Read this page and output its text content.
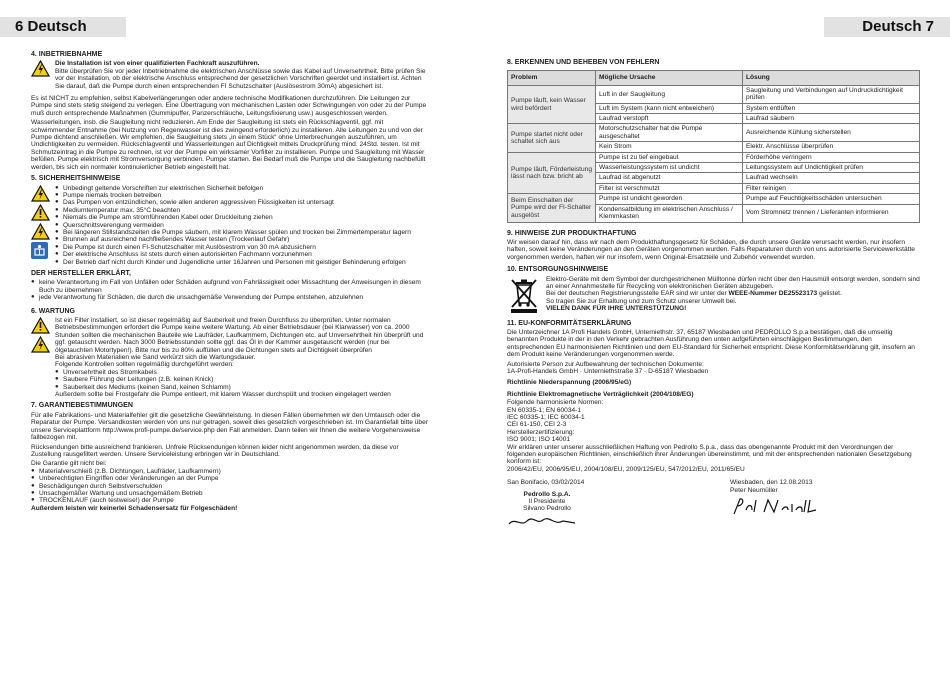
6 Deutsch	Deutsch 7
4. INBETRIEBNAHME
Die Installation ist von einer qualifizierten Fachkraft auszuführen.
Bitte überprüfen Sie vor jeder Inbetriebnahme die elektrischen Anschlüsse sowie das Kabel auf Unversehrtheit. Bitte prüfen Sie vor der Installation, ob der elektrische Anschluss entsprechend der gesetzlichen Vorschriften geerdet und installiert ist. Achten Sie darauf, daß die Pumpe durch einen entsprechenden FI Schutzschalter (Auslösestrom 30mA) abgesichert ist.
Es ist NICHT zu empfehlen, selbst Kabelverlängerungen oder andere technische Modifikationen durchzuführen. Die Leitungen zur Pumpe sind stets stetig steigend zu verlegen. Eine Übertragung von mechanischen Lasten oder Schwingungen von oder zu der Pumpe muß durch entsprechende Maßnahmen (Gummipuffer, Panzerschläuche, Leitungsfixierung usw.) ausgeschlossen werden.
Wasserleitungen, insb. die Saugleitung nicht reduzieren. Am Ende der Saugleitung ist stets ein Rückschlagventil, ggf. mit schwimmender Entnahme (bei Nutzung von Regenwasser ist dies zwingend erforderlich) zu installieren. Alle Leitungen zu und von der Pumpe dichtend anschließen. Wir empfehlen, die Saugleitung stets „in einem Stück“ ohne Unterbrechungen auszuführen, um Undichtigkeiten zu vermeiden. Rückschlagventil und Wasserleitungen auf Dichtigkeit mittels Druckprüfung mind. 24Std. testen. Ist mit Schmutzeintrag in die Pumpe zu rechnen, ist vor der Pumpe ein wirksamer Vorfilter zu installieren. Pumpe und Saugleitung mit Wasser befüllen. Pumpe elektrisch mit Stromversorgung verbinden. Pumpe starten. Bei Bedarf muß die Pumpe und die Saugleitung nachbefüllt werden, bis sich ein normaler kontinuierlicher Betrieb eingestellt hat.
5. SICHERHEITSHINWEISE
● Unbedingt geltende Vorschriften zur elektrischen Sicherheit befolgen
● Pumpe niemals trocken betreiben
● Das Pumpen von entzündlichen, sowie allen anderen aggressiven Flüssigkeiten ist untersagt
● Mediumtemperatur max. 35°C beachten
● Niemals die Pumpe am stromführenden Kabel oder Druckleitung ziehen
● Querschnittsverengung vermeiden
● Bei längeren Stillstandszeiten die Pumpe säubern, mit klarem Wasser spülen und trocken bei Zimmertemperatur lagern
● Brunnen auf ausreichend nachfließendes Wasser testen (Trockenlauf Gefahr)
● Die Pumpe ist durch einen FI-Schutzschalter mit Auslösestrom von 30 mA abzusichern
● Der elektrische Anschluss ist stets durch einen autorisierten Fachmann vorzunehmen
● Der Betrieb darf nicht durch Kinder und Jugendliche unter 16Jahren und Personen mit geistiger Behinderung erfolgen
DER HERSTELLER ERKLÄRT,
● keine Verantwortung im Fall von Unfällen oder Schäden aufgrund von Fahrlässigkeit oder Missachtung der Anweisungen in diesem Buch zu übernehmen
● jede Verantwortung für Schäden, die durch die unsachgemäße Verwendung der Pumpe entstehen, abzulehnen
6. WARTUNG
Ist ein Filter installiert, so ist dieser regelmäßig auf Sauberkeit und freien Durchfluss zu überprüfen. Unter normalen Betriebsbestimmungen erfordert die Pumpe keine weitere Wartung. Ab einer Betriebsdauer (bei Klarwasser) von ca. 2000 Stunden sollten die mechanischen Bauteile wie Laufräder, Laufkammern, Dichtungen etc. auf Unversehrtheit hin überprüft und ggf. getauscht werden. Nach 3000 Betriebsstunden sollte ggf. das Öl in der Kammer ausgetauscht werden (nur bei ölgetauchten Motortypen!). Bitte nur bis zu 80% auffüllen und die Dichtungen stets auf Dichtigkeit überprüfen
Bei abrasiven Materialien wie Sand verkürzt sich die Wartungsdauer.
Folgende Kontrollen sollten regelmäßig durchgeführt werden:
● Unversehrtheit des Stromkabels
● Saubere Führung der Leitungen (z.B. keinen Knick)
● Sauberkeit des Mediums (keinen Sand, keinen Schlamm)
Außerdem sollte bei Frostgefahr die Pumpe entleert, mit klarem Wasser durchspült und trocken eingelagert werden
7. GARANTIEBESTIMMUNGEN
Für alle Fabrikations- und Materialfehler gilt die gesetzliche Gewährleistung. In diesen Fällen übernehmen wir den Umtausch oder die Reparatur der Pumpe. Versandkosten werden von uns nur getragen, soweit dies gesetzlich vorgeschrieben ist. Im Garantiefall bitte über unsere Serviceplattform http://www.profi-pumpe.de/service.php den Fall anmelden. Dann teilen wir Ihnen die weitere Vorgehensweise fallbezogen mit.
Rücksendungen bitte ausreichend frankieren. Unfreie Rücksendungen können leider nicht angenommen werden, da diese vor Zustellung rausgefiltert werden. Unsere Serviceleistung erbringen wir in Deutschland.
Die Garantie gilt nicht bei:
● Materialverschleiß (z.B. Dichtungen, Laufräder, Laufkammern)
● Unberechtigten Eingriffen oder Veränderungen an der Pumpe
● Beschädigungen durch Selbstverschulden
● Unsachgemäßer Wartung und unsachgemäßem Betrieb
● TROCKENLAUF (auch testweise!) der Pumpe
Außerdem leisten wir keinerlei Schadensersatz für Folgeschäden!
8. ERKENNEN UND BEHEBEN VON FEHLERN
Problem	Mögliche Ursache	Lösung
Pumpe läuft, kein Wasser wird befördert	Luft in der Saugleitung	Saugleitung und Verbindungen auf Undruckdichtigkeit prüfen
	Luft im System (kann nicht entweichen)	System entlüften
	Laufrad verstopft	Laufrad säubern
Pumpe startet nicht oder schaltet sich aus	Motorschutzschalter hat die Pumpe ausgeschaltet	Ausreichende Kühlung sicherstellen
	Kein Strom	Elektr. Anschlüsse überprüfen
Pumpe läuft, Förderleistung lässt nach bzw. bricht ab	Pumpe ist zu tief eingebaut	Förderhöhe verringern
	Wasserleistungssystem ist undicht	Leitungssystem auf Undichtigkeit prüfen
	Laufrad ist abgenutzt	Laufrad wechseln
	Filter ist verschmutzt	Filter reinigen
Beim Einschalten der Pumpe wird der FI-Schalter ausgelöst	Pumpe ist undicht geworden	Pumpe auf Feuchtigkeitsschäden untersuchen
	Kondensatbildung im elektrischen Anschluss / Klemmkasten	Vom Stromnetz trennen / Lieferanten informieren
9. HINWEISE ZUR PRODUKTHAFTUNG
Wir weisen darauf hin, dass wir nach dem Produkthaftungsgesetz für Schäden, die durch unsere Geräte verursacht werden, nur insofern haften, soweit keine Veränderungen an den Geräten vorgenommen wurden. Falls Reparaturen durch von uns autorisierte Servicewerkstätte vorgenommen werden, haften wir nur insofern, wenn Original-Ersatzteile und Zubehör verwendet wurden.
10. ENTSORGUNGSHINWEISE
Elektro-Geräte mit dem Symbol der durchgestrichenen Mülltonne dürfen nicht über den Hausmüll entsorgt werden, sondern sind an einer Annahmestelle für Recycling von elektronischen Geräten abzugeben.
Bei der deutschen Registrierungsstelle EAR sind wir unter der WEEE-Nummer DE25523173 gelistet.
So tragen Sie zur Erhaltung und zum Schutz unserer Umwelt bei.
VIELEN DANK FÜR IHRE UNTERSTÜTZUNG!
11. EU-KONFORMITÄTSERKLÄRUNG
Die Unterzeichner 1A Profi Handels GmbH, Unterniethstr. 37, 65187 Wiesbaden und PEDROLLO S.p.a bestätigen, daß die umseitig benannten Produkte in der in den Verkehr gebrachten Ausführung den unten aufgeführten einschlägigen Bestimmungen, den entsprechenden EU harmonisierten Richtlinien und dem EU-Standard für Sicherheit entspricht. Diese Konformitätserklärung gilt, insofern an dem Produkt keine Veränderungen vorgenommen werde.
Autorisierte Person zur Aufbewahrung der technischen Dokumente:
1A-Profi-Handels GmbH · Unterniethstraße 37 · D-65187 Wiesbaden
Richtlinie Niederspannung (2006/95/eG)
Richtlinie Elektromagnetische Verträglichkeit (2004/108/EG)
Folgende harmonisierte Normen:
EN 60335-1; EN 60034-1
IEC 60335-1; IEC 60034-1
CEI 61-150, CEI 2-3
Herstellerzertifizierung:
ISO 9001; ISO 14001
Wir erklären unter unserer ausschließlichen Haftung von Pedrollo S.p.a., dass das obengenannte Produkt mit den Verordnungen der folgenden europäischen Richtlinien, einschließlich ihrer Änderungen übereinstimmt, und mit der entsprechenden nationalen Gesetzgebung konform ist:
2006/42/EU, 2006/95/EU, 2004/108/EU, 2009/125/EU, 547/2012/EU, 2011/65/EU
San Bonifacio, 03/02/2014
Pedrollo S.p.A.
Il Presidente
Silvano Pedrollo
Wiesbaden, den 12.08.2013
Peter Neumüller
